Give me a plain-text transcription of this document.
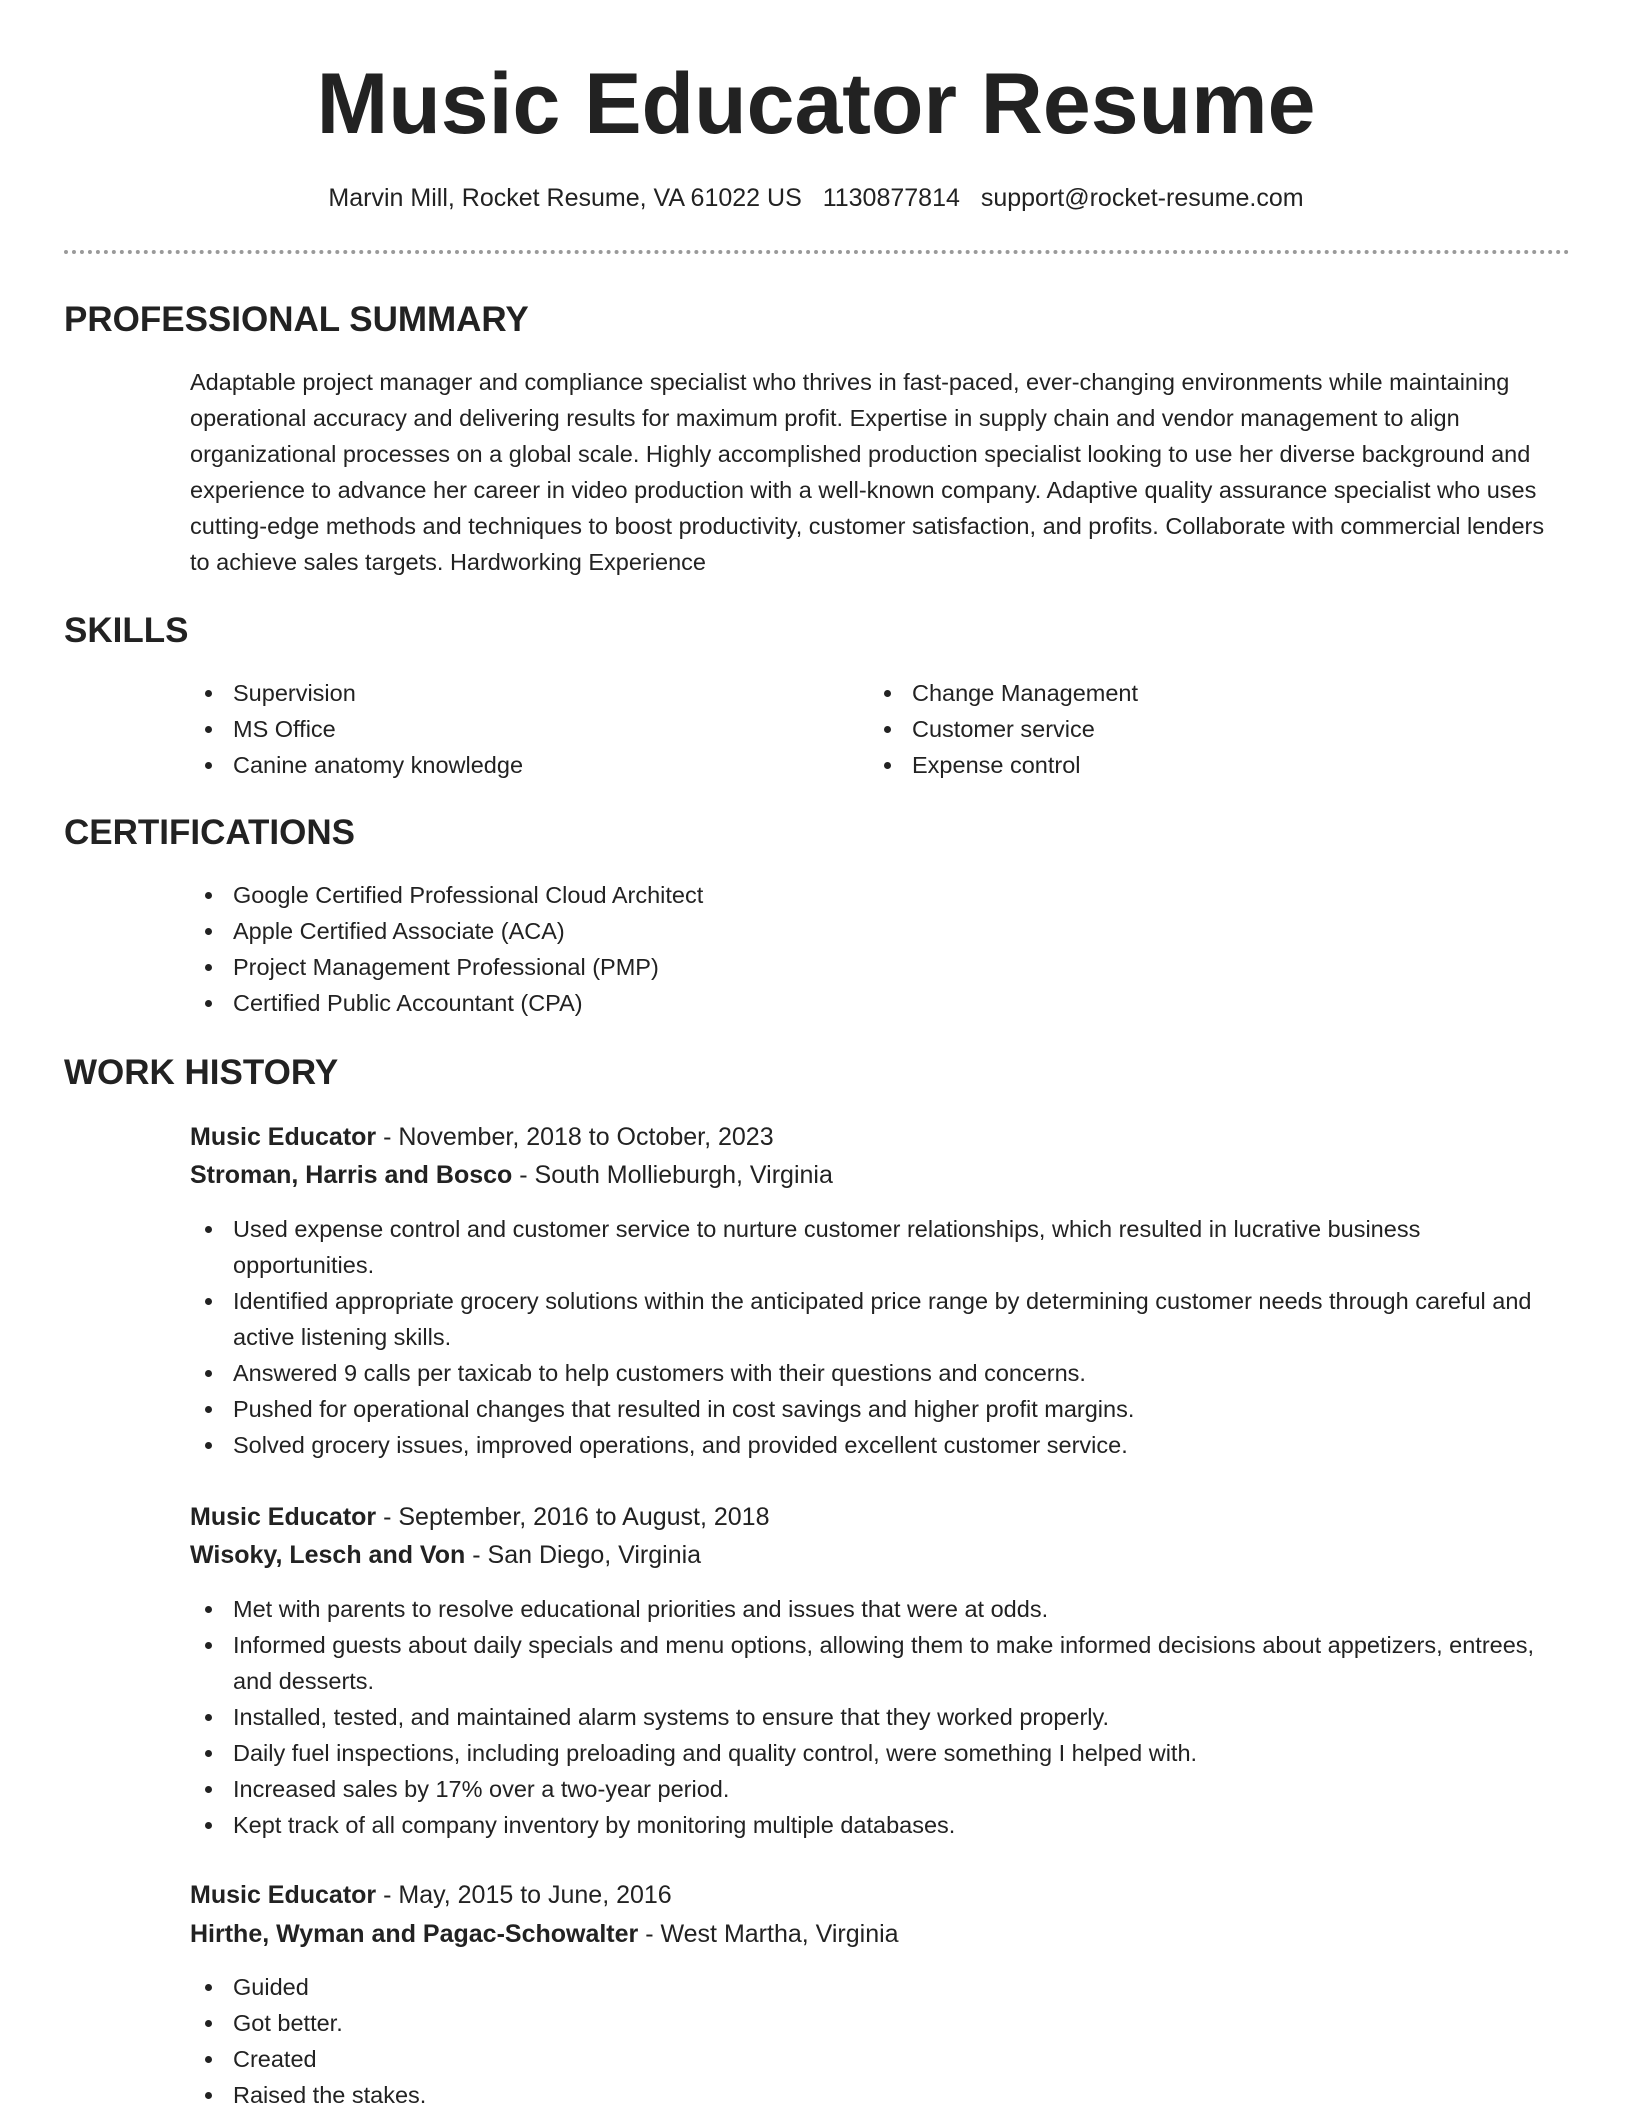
Music Educator Resume
Marvin Mill, Rocket Resume, VA 61022 US 1130877814 support@rocket-resume.com
PROFESSIONAL SUMMARY

Adaptable project manager and compliance specialist who thrives in fast-paced, ever-changing environments while maintaining operational accuracy and delivering results for maximum profit. Expertise in supply chain and vendor management to align organizational processes on a global scale. Highly accomplished production specialist looking to use her diverse background and experience to advance her career in video production with a well-known company. Adaptive quality assurance specialist who uses cutting-edge methods and techniques to boost productivity, customer satisfaction, and profits. Collaborate with commercial lenders to achieve sales targets. Hardworking Experience

SKILLS
Supervision
MS Office
Canine anatomy knowledge
Change Management
Customer service
Expense control
CERTIFICATIONS
Google Certified Professional Cloud Architect
Apple Certified Associate (ACA)
Project Management Professional (PMP)
Certified Public Accountant (CPA)
WORK HISTORY
Music Educator - November, 2018 to October, 2023
Stroman, Harris and Bosco - South Mollieburgh, Virginia
Used expense control and customer service to nurture customer relationships, which resulted in lucrative business opportunities.
Identified appropriate grocery solutions within the anticipated price range by determining customer needs through careful and active listening skills.
Answered 9 calls per taxicab to help customers with their questions and concerns.
Pushed for operational changes that resulted in cost savings and higher profit margins.
Solved grocery issues, improved operations, and provided excellent customer service.
Music Educator - September, 2016 to August, 2018
Wisoky, Lesch and Von - San Diego, Virginia
Met with parents to resolve educational priorities and issues that were at odds.
Informed guests about daily specials and menu options, allowing them to make informed decisions about appetizers, entrees, and desserts.
Installed, tested, and maintained alarm systems to ensure that they worked properly.
Daily fuel inspections, including preloading and quality control, were something I helped with.
Increased sales by 17% over a two-year period.
Kept track of all company inventory by monitoring multiple databases.
Music Educator - May, 2015 to June, 2016
Hirthe, Wyman and Pagac-Schowalter - West Martha, Virginia
Guided
Got better.
Created
Raised the stakes.
